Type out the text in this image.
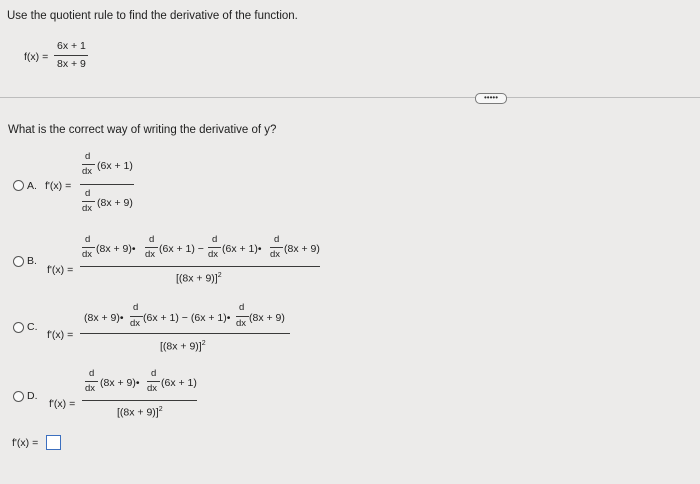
Use the quotient rule to find the derivative of the function.
f(x) =
6x + 1
8x + 9
•••••
What is the correct way of writing the derivative of y?
A. f'(x) =
d
dx (6x + 1)
d
dx (8x + 9)
B.
f'(x) =
d
dx (8x + 9)•
d
dx (6x + 1) −
d
dx (6x + 1)•
d
dx (8x + 9)
$[(8x + 9)]^2$
C.
f'(x) =
(8x + 9)•
d
dx (6x + 1) − (6x + 1)•
d
dx (8x + 9)
$[(8x + 9)]^2$
D.
f'(x) =
d
dx (8x + 9)•
d
dx (6x + 1)
$[(8x + 9)]^2$
f'(x) =
